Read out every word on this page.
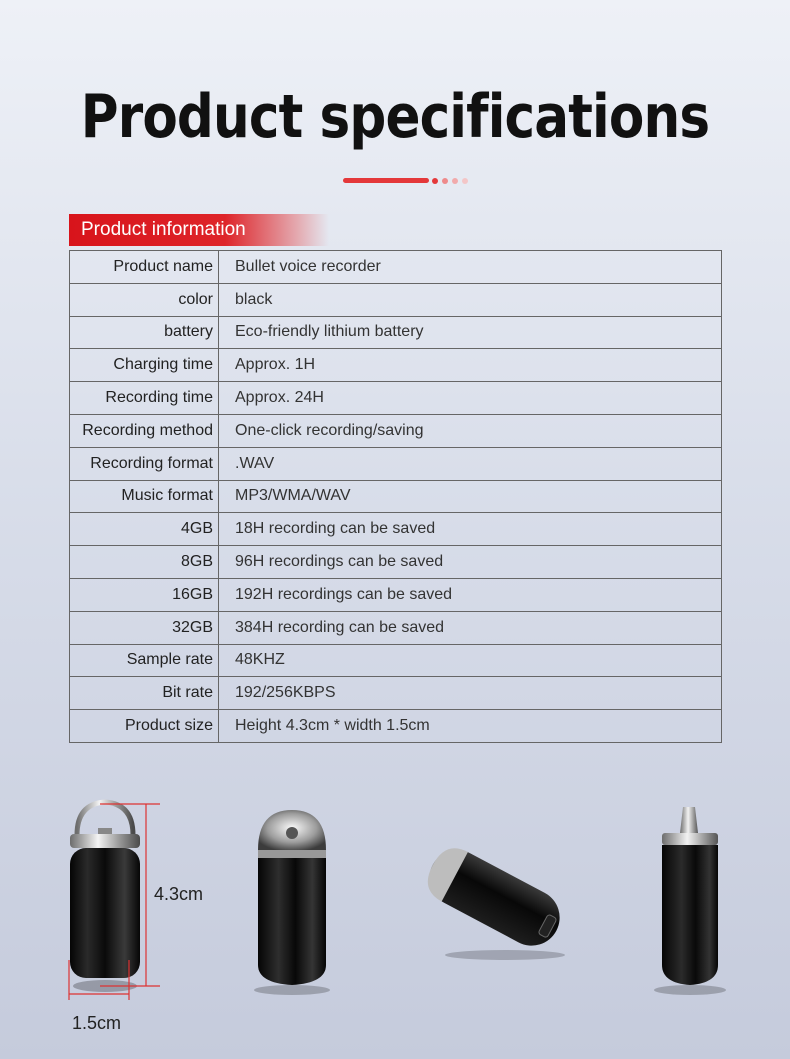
Product specifications
Product information
Product name	Bullet voice recorder
color	black
battery	Eco-friendly lithium battery
Charging time	Approx. 1H
Recording time	Approx. 24H
Recording method	One-click recording/saving
Recording format	.WAV
Music format	MP3/WMA/WAV
4GB	18H recording can be saved
8GB	96H recordings can be saved
16GB	192H recordings can be saved
32GB	384H recording can be saved
Sample rate	48KHZ
Bit rate	192/256KBPS
Product size	Height 4.3cm * width 1.5cm
4.3cm
1.5cm
